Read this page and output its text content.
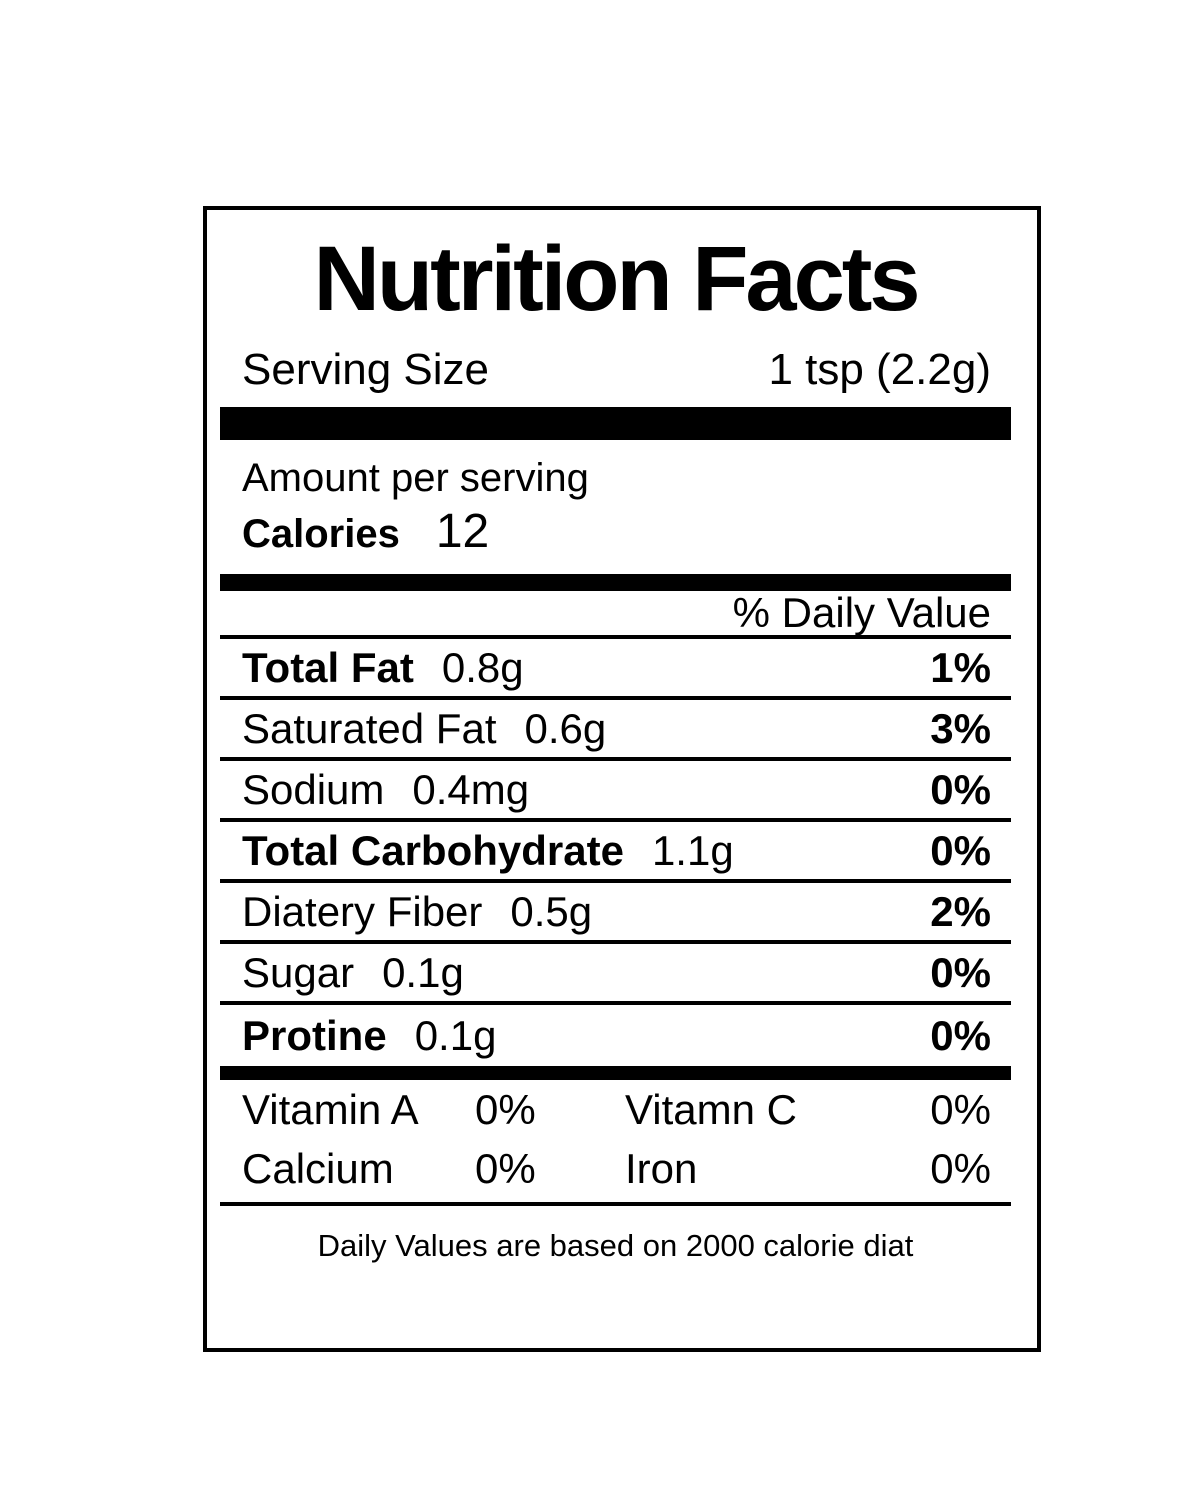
Nutrition Facts
Serving Size	1 tsp (2.2g)
Amount per serving
Calories 12
% Daily Value
Total Fat 0.8g	1%
Saturated Fat 0.6g	3%
Sodium 0.4mg	0%
Total Carbohydrate 1.1g	0%
Diatery Fiber 0.5g	2%
Sugar 0.1g	0%
Protine 0.1g	0%
Vitamin A	0%	Vitamn C	0%
Calcium	0%	Iron	0%
Daily Values are based on 2000 calorie diat
